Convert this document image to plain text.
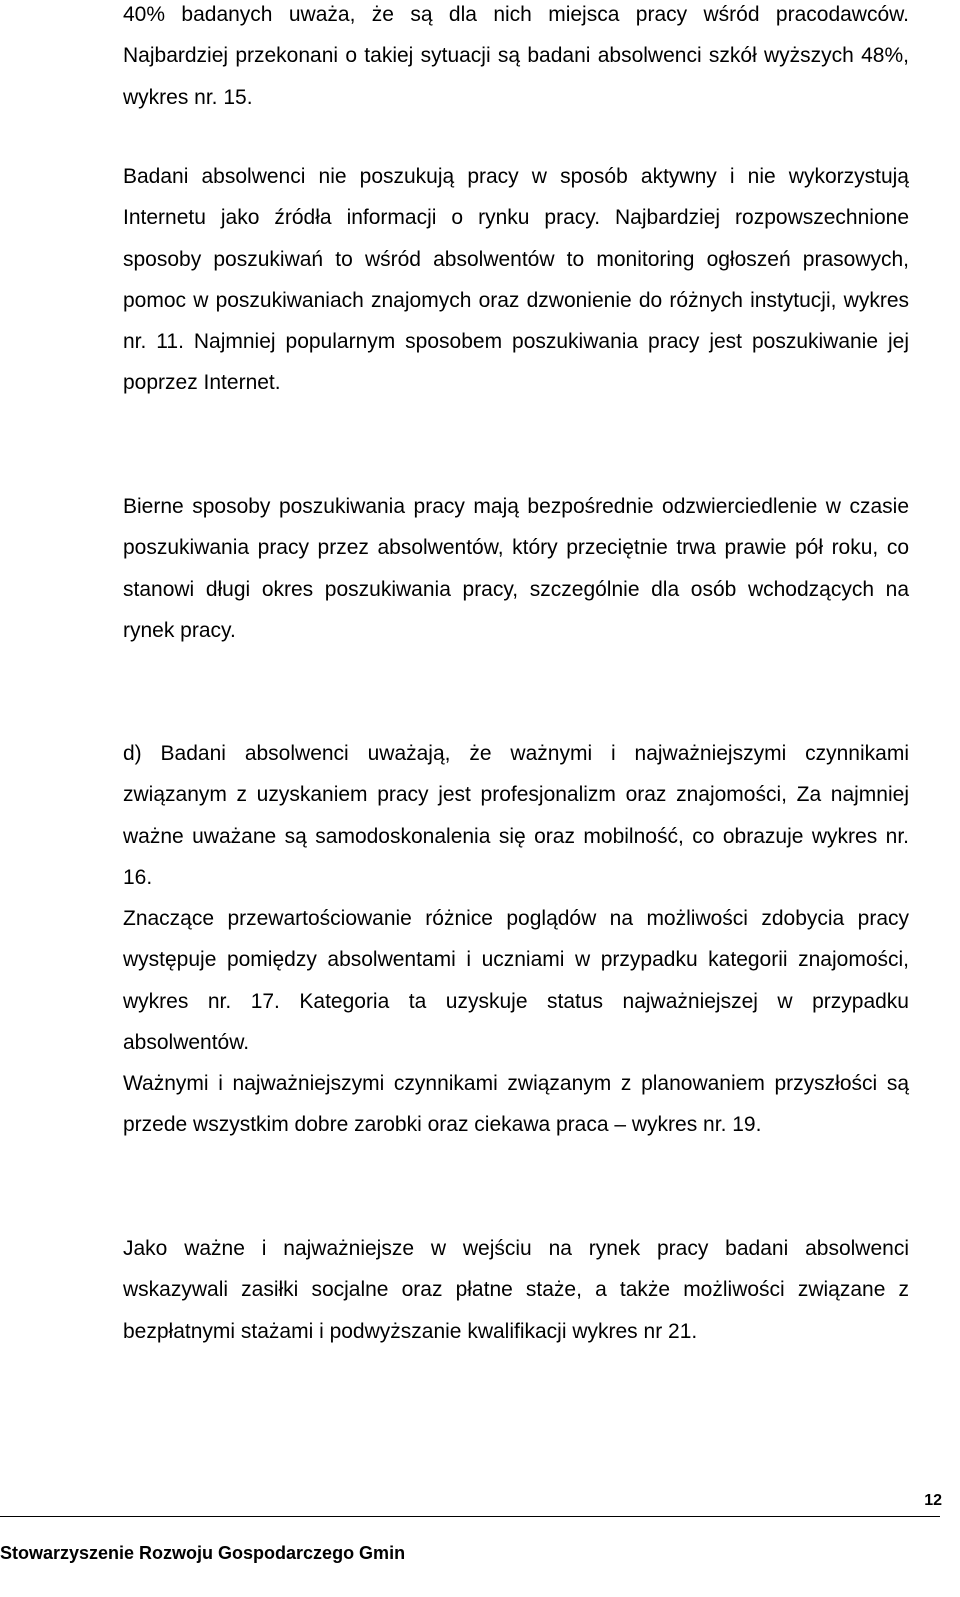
40% badanych uważa, że są dla nich miejsca pracy wśród pracodawców. Najbardziej przekonani o takiej sytuacji są badani absolwenci szkół wyższych 48%, wykres nr. 15.

Badani absolwenci nie poszukują pracy w sposób aktywny i nie wykorzystują Internetu jako źródła informacji o rynku pracy. Najbardziej rozpowszechnione sposoby poszukiwań to wśród absolwentów to monitoring ogłoszeń prasowych, pomoc w poszukiwaniach znajomych oraz dzwonienie do różnych instytucji, wykres nr. 11. Najmniej popularnym sposobem poszukiwania pracy jest poszukiwanie jej poprzez Internet.

Bierne sposoby poszukiwania pracy mają bezpośrednie odzwierciedlenie w czasie poszukiwania pracy przez absolwentów, który przeciętnie trwa prawie pół roku, co stanowi długi okres poszukiwania pracy, szczególnie dla osób wchodzących na rynek pracy.

d) Badani absolwenci uważają, że ważnymi i najważniejszymi czynnikami związanym z uzyskaniem pracy jest profesjonalizm oraz znajomości, Za najmniej ważne uważane są samodoskonalenia się oraz mobilność, co obrazuje wykres nr. 16.

Znaczące przewartościowanie różnice poglądów na możliwości zdobycia pracy występuje pomiędzy absolwentami i uczniami w przypadku kategorii znajomości, wykres nr. 17. Kategoria ta uzyskuje status najważniejszej w przypadku absolwentów.

Ważnymi i najważniejszymi czynnikami związanym z planowaniem przyszłości są przede wszystkim dobre zarobki oraz ciekawa praca – wykres nr. 19.

Jako ważne i najważniejsze w wejściu na rynek pracy badani absolwenci wskazywali zasiłki socjalne oraz płatne staże, a także możliwości związane z bezpłatnymi stażami i podwyższanie kwalifikacji wykres nr 21.

12
Stowarzyszenie Rozwoju Gospodarczego Gmin
